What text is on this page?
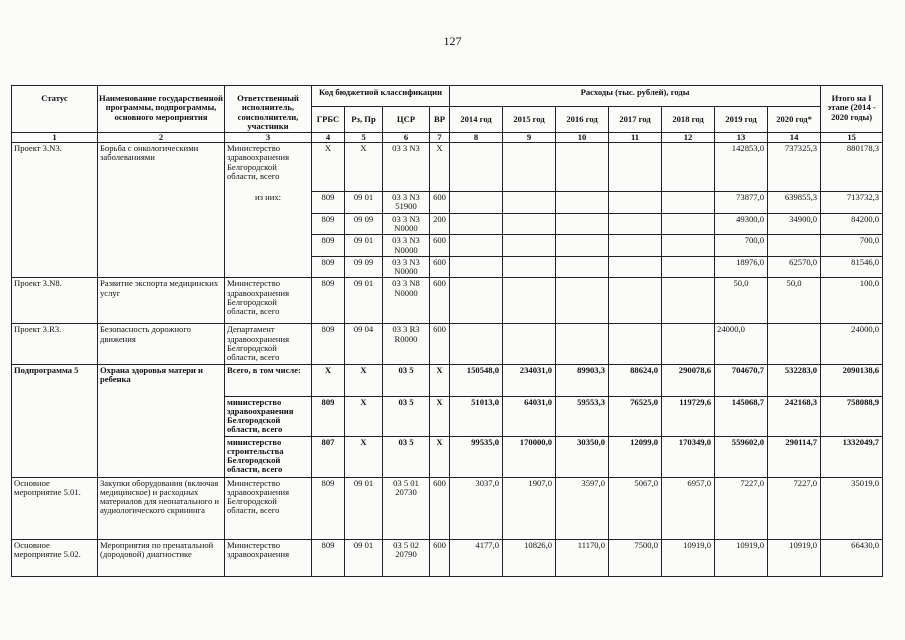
127
Статус	Наименование государственной программы, подпрограммы, основного мероприятия	Ответственный исполнитель, соисполнители, участники	Код бюджетной классификации				Расходы (тыс. рублей), годы							Итого на I этапе (2014 - 2020 годы)
			ГРБС	Рз, Пр	ЦСР	ВР	2014 год	2015 год	2016 год	2017 год	2018 год	2019 год	2020 год*	
1	2	3	4	5	6	7	8	9	10	11	12	13	14	15
Проект 3.N3.	Борьба с онкологическими заболеваниями	Министерство здравоохранения Белгородской области, всего	Х	Х	03 3 N3	Х						142853,0	737325,3	880178,3
		из них:	809	09 01	03 3 N3 51900	600						73877,0	639855,3	713732,3
			809	09 09	03 3 N3 N0000	200						49300,0	34900,0	84200,0
			809	09 01	03 3 N3 N0000	600						700,0		700,0
			809	09 09	03 3 N3 N0000	600						18976,0	62570,0	81546,0
Проект 3.N8.	Развитие экспорта медицинских услуг	Министерство здравоохранения Белгородской области, всего	809	09 01	03 3 N8 N0000	600						50,0	50,0	100,0
Проект 3.R3.	Безопасность дорожного движения	Департамент здравоохранения Белгородской области, всего	809	09 04	03 3 R3 R0000	600						24000,0		24000,0
Подпрограмма 5	Охрана здоровья матери и ребенка	Всего, в том числе:	Х	Х	03 5	Х	150548,0	234031,0	89903,3	88624,0	290078,6	704670,7	532283,0	2090138,6
		министерство здравоохранения Белгородской области, всего	809	Х	03 5	Х	51013,0	64031,0	59553,3	76525,0	119729,6	145068,7	242168,3	758088,9
		министерство строительства Белгородской области, всего	807	Х	03 5	Х	99535,0	170000,0	30350,0	12099,0	170349,0	559602,0	290114,7	1332049,7
Основное мероприятие 5.01.	Закупки оборудования (включая медицинское) и расходных материалов для неонатального и аудиологического скрининга	Министерство здравоохранения Белгородской области, всего	809	09 01	03 5 01 20730	600	3037,0	1907,0	3597,0	5067,0	6957,0	7227,0	7227,0	35019,0
Основное мероприятие 5.02.	Мероприятия по пренатальной (дородовой) диагностике	Министерство здравоохранения	809	09 01	03 5 02 20790	600	4177,0	10826,0	11170,0	7500,0	10919,0	10919,0	10919,0	66430,0
